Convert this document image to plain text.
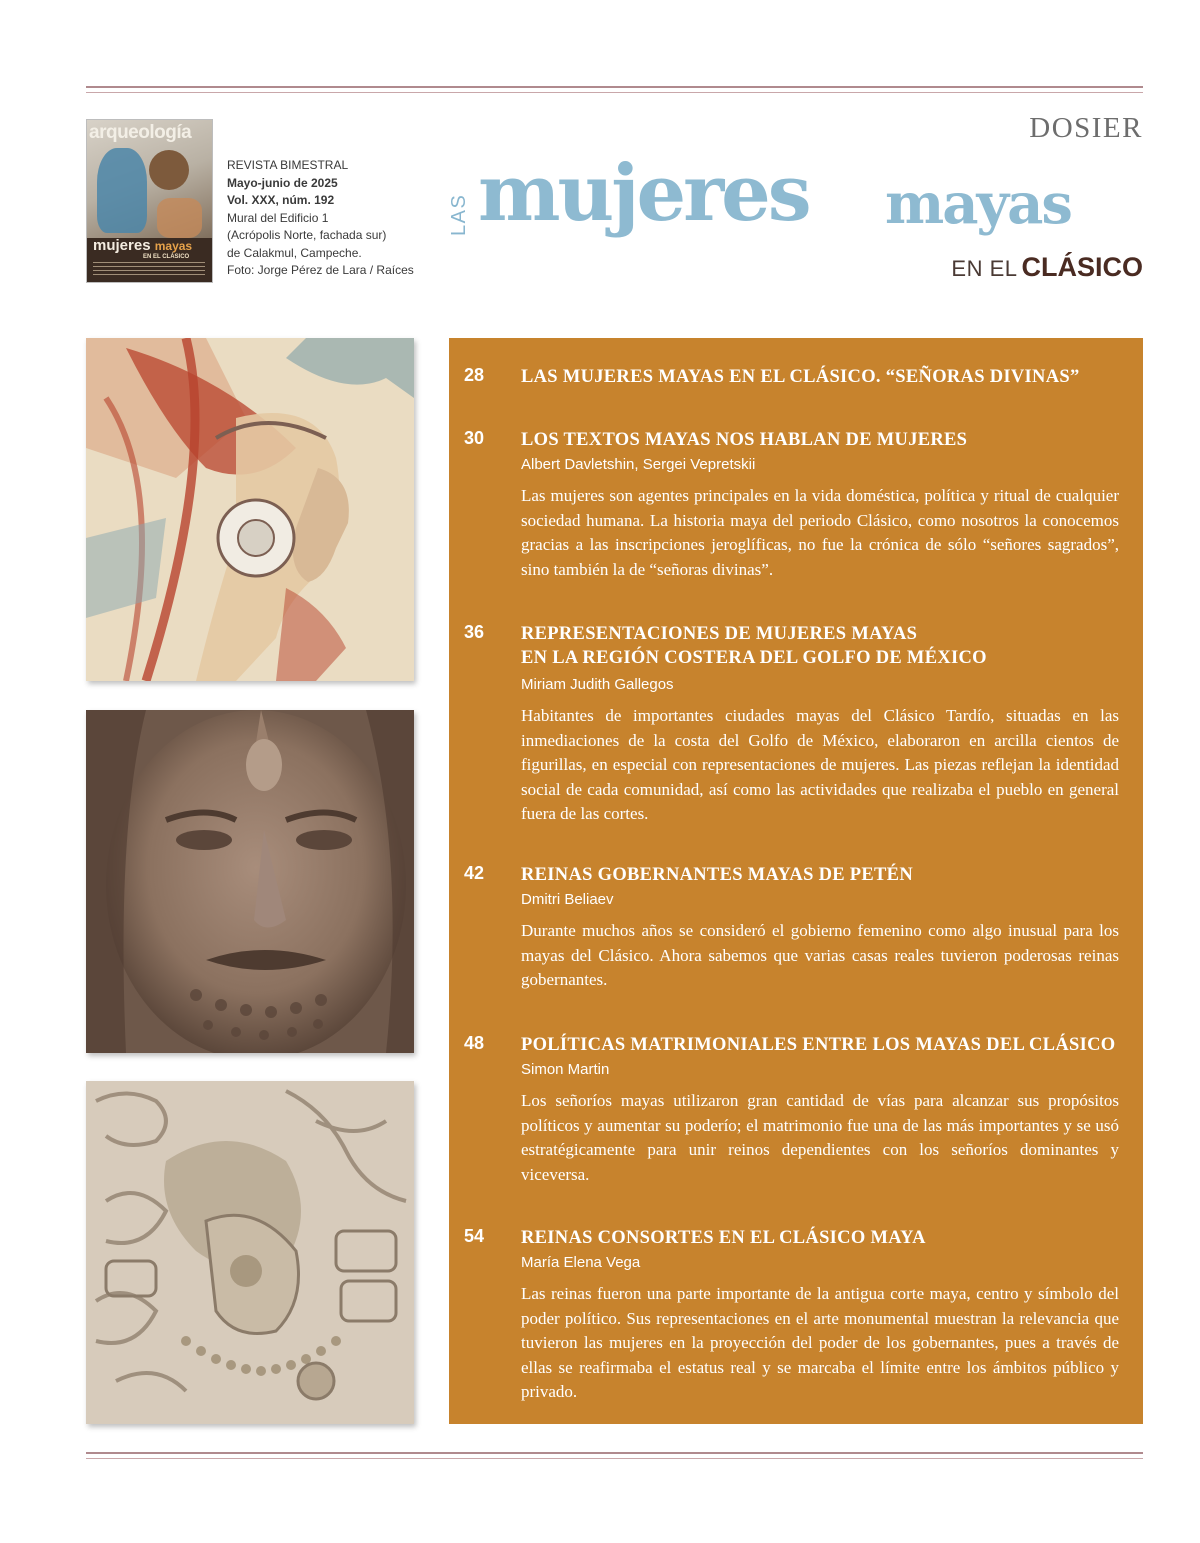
arqueología
mujeres mayas
EN EL CLÁSICO
REVISTA BIMESTRAL
Mayo-junio de 2025
Vol. XXX, núm. 192
Mural del Edificio 1
(Acrópolis Norte, fachada sur)
de Calakmul, Campeche.
Foto: Jorge Pérez de Lara / Raíces
DOSIER
LAS mujeres mayas
EN EL CLÁSICO
28 LAS MUJERES MAYAS EN EL CLÁSICO. “SEÑORAS DIVINAS”
30 LOS TEXTOS MAYAS NOS HABLAN DE MUJERES
Albert Davletshin, Sergei Vepretskii
Las mujeres son agentes principales en la vida doméstica, política y ritual de cualquier sociedad humana. La historia maya del periodo Clásico, como nosotros la conocemos gracias a las inscripciones jeroglíficas, no fue la crónica de sólo “señores sagrados”, sino también la de “señoras divinas”.
36 REPRESENTACIONES DE MUJERES MAYAS
EN LA REGIÓN COSTERA DEL GOLFO DE MÉXICO
Miriam Judith Gallegos
Habitantes de importantes ciudades mayas del Clásico Tardío, situadas en las inmediaciones de la costa del Golfo de México, elaboraron en arcilla cientos de figurillas, en especial con representaciones de mujeres. Las piezas reflejan la identidad social de cada comunidad, así como las actividades que realizaba el pueblo en general fuera de las cortes.
42 REINAS GOBERNANTES MAYAS DE PETÉN
Dmitri Beliaev
Durante muchos años se consideró el gobierno femenino como algo inusual para los mayas del Clásico. Ahora sabemos que varias casas reales tuvieron poderosas reinas gobernantes.
48 POLÍTICAS MATRIMONIALES ENTRE LOS MAYAS DEL CLÁSICO
Simon Martin
Los señoríos mayas utilizaron gran cantidad de vías para alcanzar sus propósitos políticos y aumentar su poderío; el matrimonio fue una de las más importantes y se usó estratégicamente para unir reinos dependientes con los señoríos dominantes y viceversa.
54 REINAS CONSORTES EN EL CLÁSICO MAYA
María Elena Vega
Las reinas fueron una parte importante de la antigua corte maya, centro y símbolo del poder político. Sus representaciones en el arte monumental muestran la relevancia que tuvieron las mujeres en la proyección del poder de los gobernantes, pues a través de ellas se reafirmaba el estatus real y se marcaba el límite entre los ámbitos público y privado.
